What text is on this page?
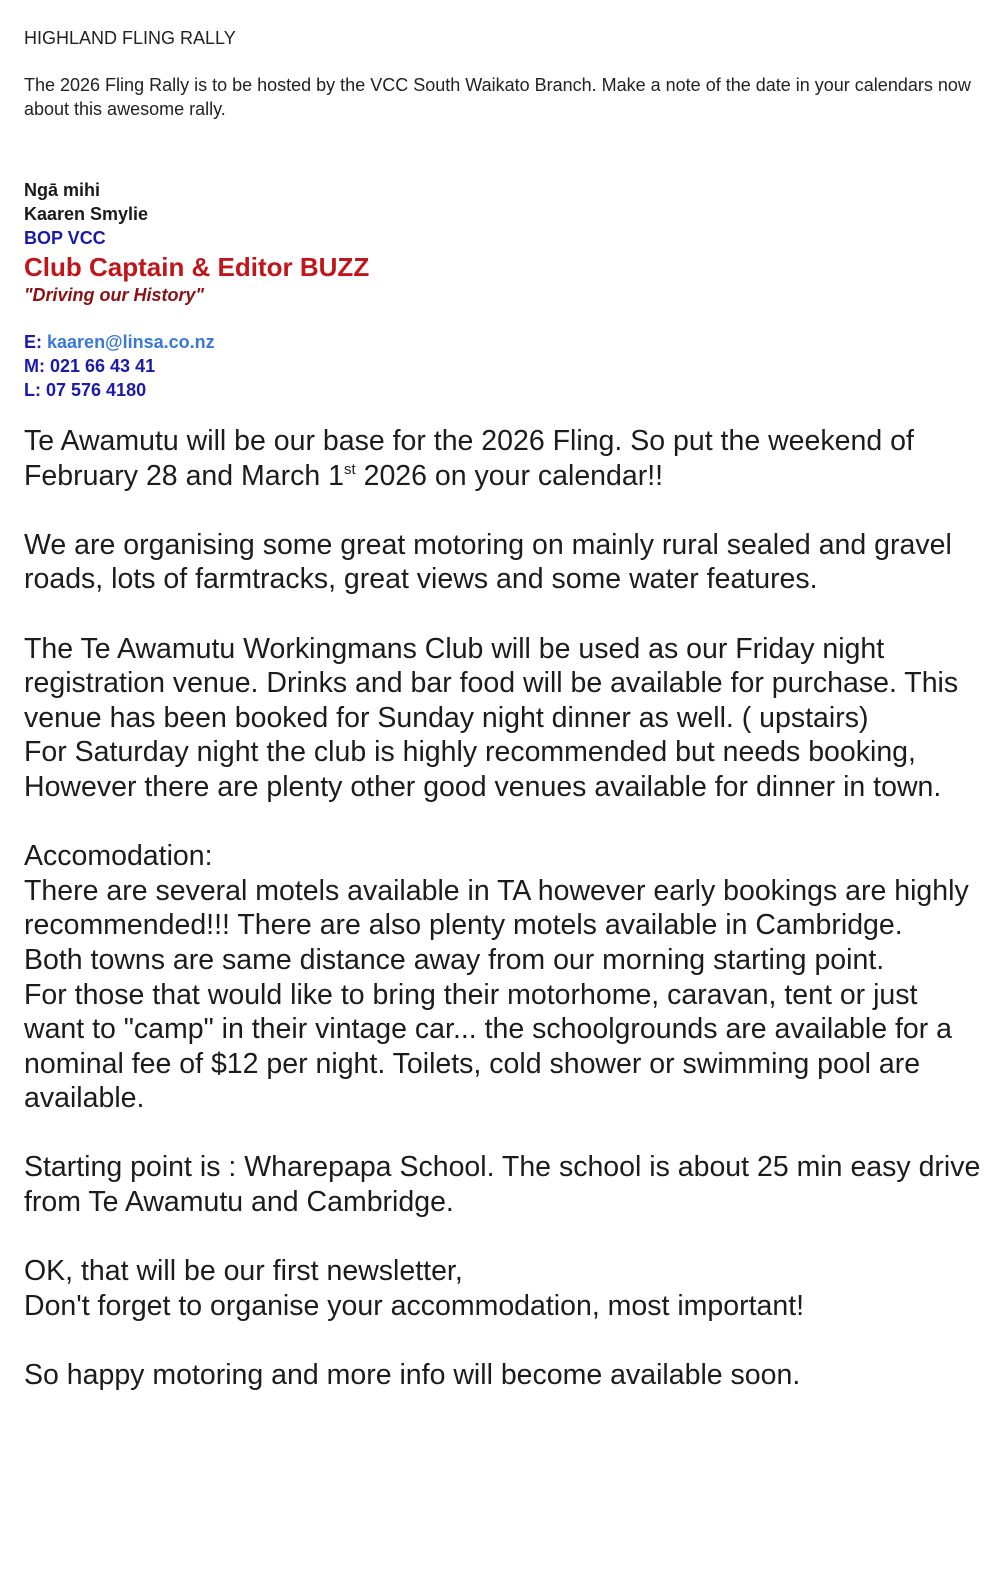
HIGHLAND FLING RALLY
The 2026 Fling Rally is to be hosted by the VCC South Waikato Branch. Make a note of the date in your calendars now about this awesome rally.
Ngā mihi
Kaaren Smylie
BOP VCC
Club Captain & Editor BUZZ
"Driving our History"
E: kaaren@linsa.co.nz
M: 021 66 43 41
L: 07 576 4180

Te Awamutu will be our base for the 2026 Fling. So put the weekend of February 28 and March 1st 2026 on your calendar!!

We are organising some great motoring on mainly rural sealed and gravel roads, lots of farmtracks, great views and some water features.

The Te Awamutu Workingmans Club will be used as our Friday night registration venue. Drinks and bar food will be available for purchase. This venue has been booked for Sunday night dinner as well. ( upstairs)

For Saturday night the club is highly recommended but needs booking, However there are plenty other good venues available for dinner in town.

Accomodation:

There are several motels available in TA however early bookings are highly recommended!!! There are also plenty motels available in Cambridge.

Both towns are same distance away from our morning starting point.

For those that would like to bring their motorhome, caravan, tent or just want to "camp" in their vintage car... the schoolgrounds are available for a nominal fee of $12 per night. Toilets, cold shower or swimming pool are

available.

Starting point is : Wharepapa School. The school is about 25 min easy drive from Te Awamutu and Cambridge.

OK, that will be our first newsletter,

Don't forget to organise your accommodation, most important!

So happy motoring and more info will become available soon.
